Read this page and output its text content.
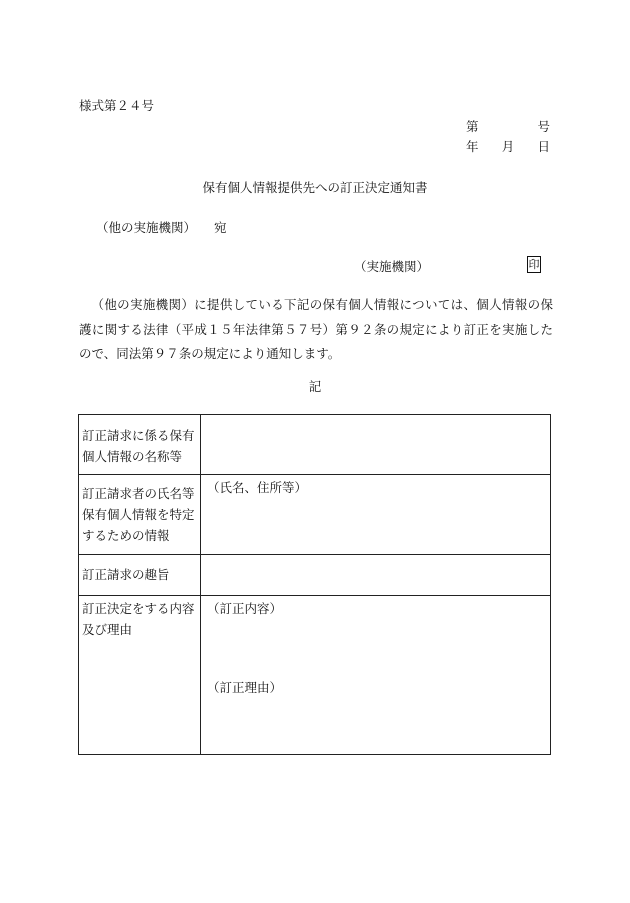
様式第２４号
第	号
年 月 日
保有個人情報提供先への訂正決定通知書
（他の実施機関） 宛
（実施機関）	印
（他の実施機関）に提供している下記の保有個人情報については、個人情報の保護に関する法律（平成１５年法律第５７号）第９２条の規定により訂正を実施したので、同法第９７条の規定により通知します。
記
訂正請求に係る保有個人情報の名称等	
訂正請求者の氏名等保有個人情報を特定するための情報	（氏名、住所等）
訂正請求の趣旨	
訂正決定をする内容及び理由	（訂正内容）
（訂正理由）
